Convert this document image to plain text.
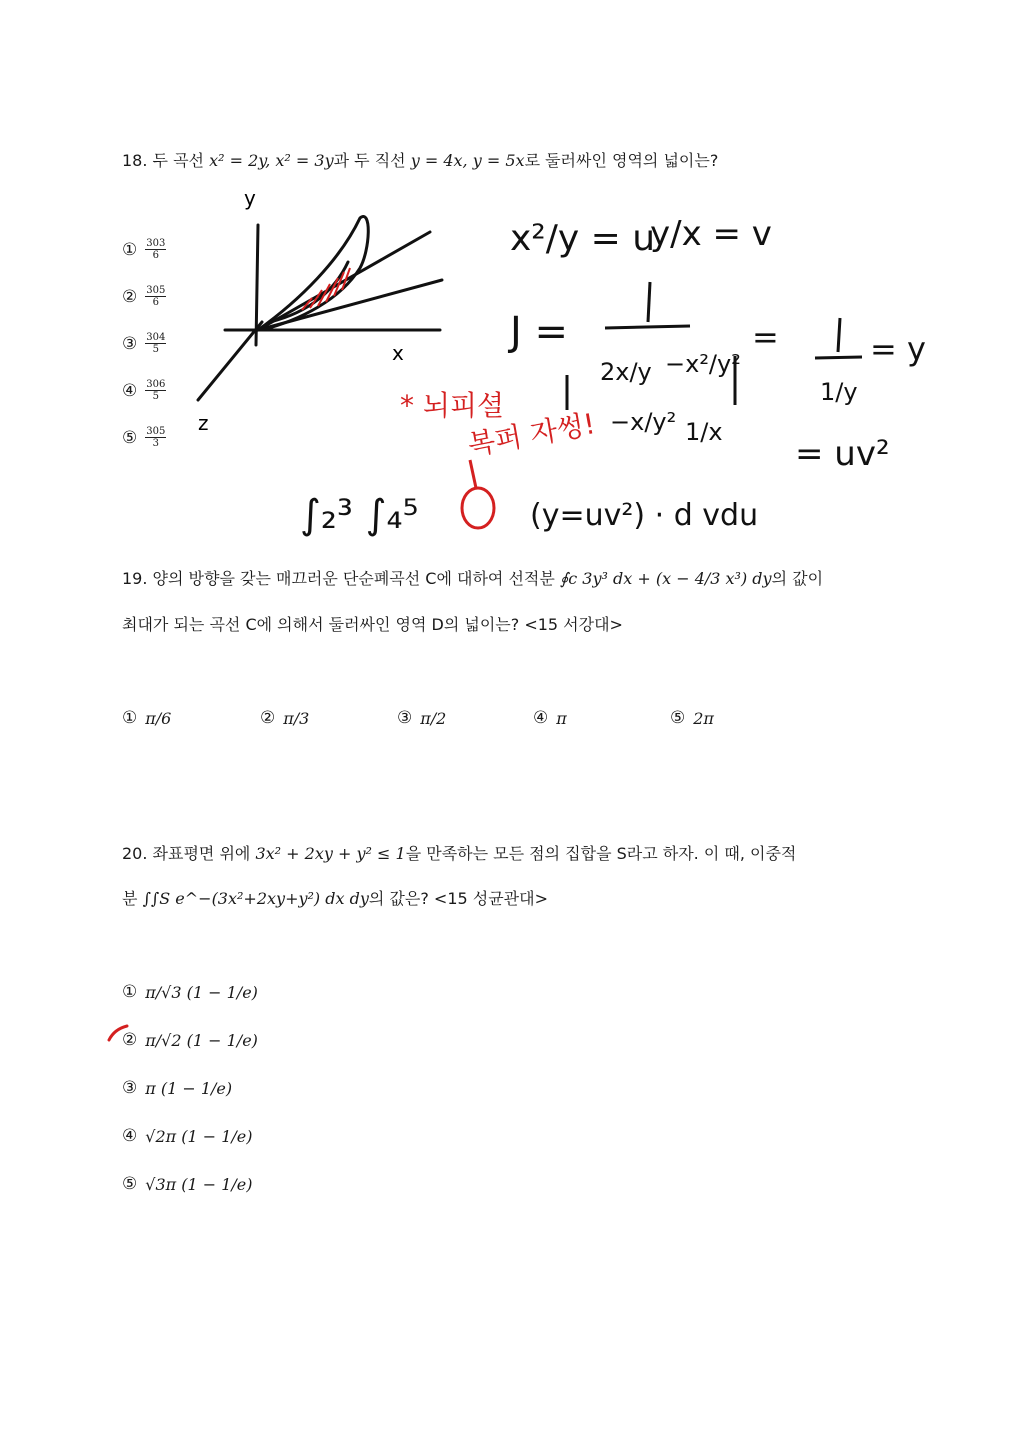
18. 두 곡선 x² = 2y, x² = 3y과 두 직선 y = 4x, y = 5x로 둘러싸인 영역의 넓이는?
① $\frac{303}{6}$
② $\frac{305}{6}$
③ $\frac{304}{5}$
④ $\frac{306}{5}$
⑤ $\frac{305}{3}$
y
x
z
x²/y = u
y/x = v
J =
2x/y −x²/y²
−x/y² 1/x
=
1/y
= y
= uv²
* 뇌피셜
복퍼 자썽!
∫₂³ ∫₄⁵	(y=uv²) · d vdu
19. 양의 방향을 갖는 매끄러운 단순폐곡선 C에 대하여 선적분 ∮c 3y³ dx + (x − 4/3 x³) dy의 값이
최대가 되는 곡선 C에 의해서 둘러싸인 영역 D의 넓이는? <15 서강대>
① π/6	② π/3	③ π/2	④ π	⑤ 2π
20. 좌표평면 위에 3x² + 2xy + y² ≤ 1을 만족하는 모든 점의 집합을 S라고 하자. 이 때, 이중적
분 ∫∫S e^−(3x²+2xy+y²) dx dy의 값은? <15 성균관대>
① π/√3 (1 − 1/e)
② π/√2 (1 − 1/e)
③ π (1 − 1/e)
④ √2π (1 − 1/e)
⑤ √3π (1 − 1/e)
